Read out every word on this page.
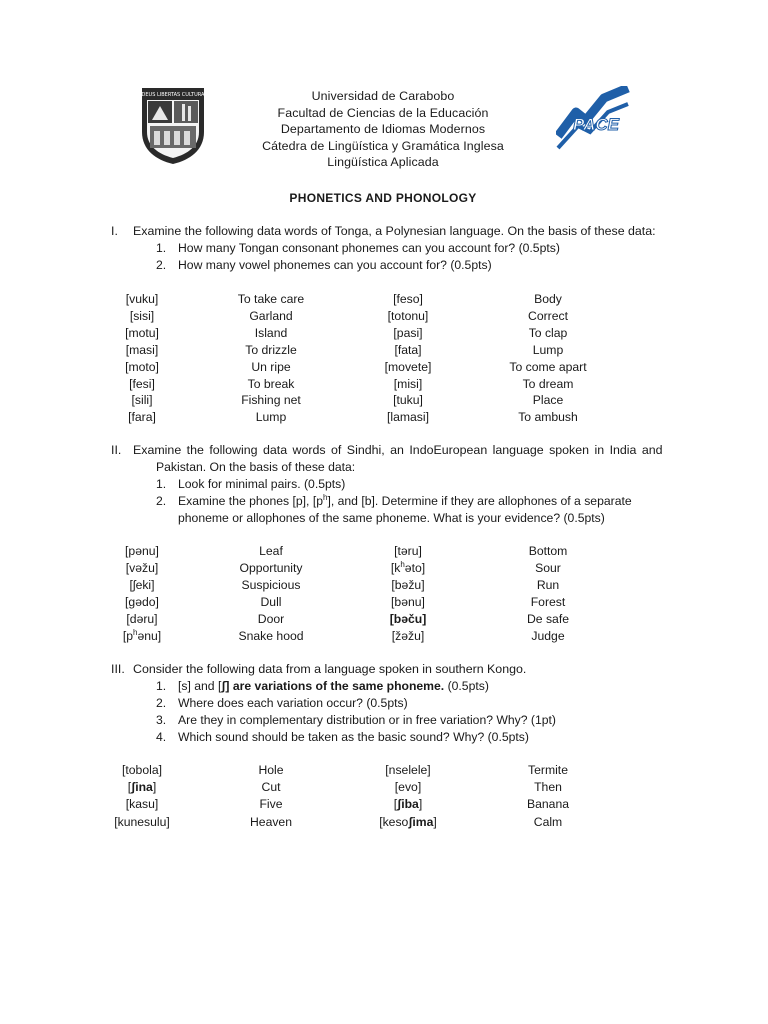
DEUS LIBERTAS CULTURA
PACE
Universidad de Carabobo
Facultad de Ciencias de la Educación
Departamento de Idiomas Modernos
Cátedra de Lingüística y Gramática Inglesa
Lingüística Aplicada
PHONETICS AND PHONOLOGY
I. Examine the following data words of Tonga, a Polynesian language. On the basis of these data:
1. How many Tongan consonant phonemes can you account for? (0.5pts)
2. How many vowel phonemes can you account for? (0.5pts)
[vuku]	To take care	[feso]	Body
[sisi]	Garland	[totonu]	Correct
[motu]	Island	[pasi]	To clap
[masi]	To drizzle	[fata]	Lump
[moto]	Un ripe	[movete]	To come apart
[fesi]	To break	[misi]	To dream
[sili]	Fishing net	[tuku]	Place
[fara]	Lump	[lamasi]	To ambush
II. Examine the following data words of Sindhi, an IndoEuropean language spoken in India and
Pakistan. On the basis of these data:
1. Look for minimal pairs. (0.5pts)
2. Examine the phones [p], $[p^h]$, and [b]. Determine if they are allophones of a separate
phoneme or allophones of the same phoneme. What is your evidence? (0.5pts)
[pənu]	Leaf	[təru]	Bottom
[vəžu]	Opportunity	$[k^həto]$	Sour
[ʃeki]	Suspicious	[bəžu]	Run
[gədo]	Dull	[bənu]	Forest
[dəru]	Door	[bəču]	De safe
$[p^hənu]$	Snake hood	[žəžu]	Judge
III. Consider the following data from a language spoken in southern Kongo.
1. [s] and [ʃ] are variations of the same phoneme. (0.5pts)
2. Where does each variation occur? (0.5pts)
3. Are they in complementary distribution or in free variation? Why? (1pt)
4. Which sound should be taken as the basic sound? Why? (0.5pts)
[tobola]	Hole	[nselele]	Termite
[ʃina]	Cut	[evo]	Then
[kasu]	Five	[ʃiba]	Banana
[kunesulu]	Heaven	[kesoʃima]	Calm
